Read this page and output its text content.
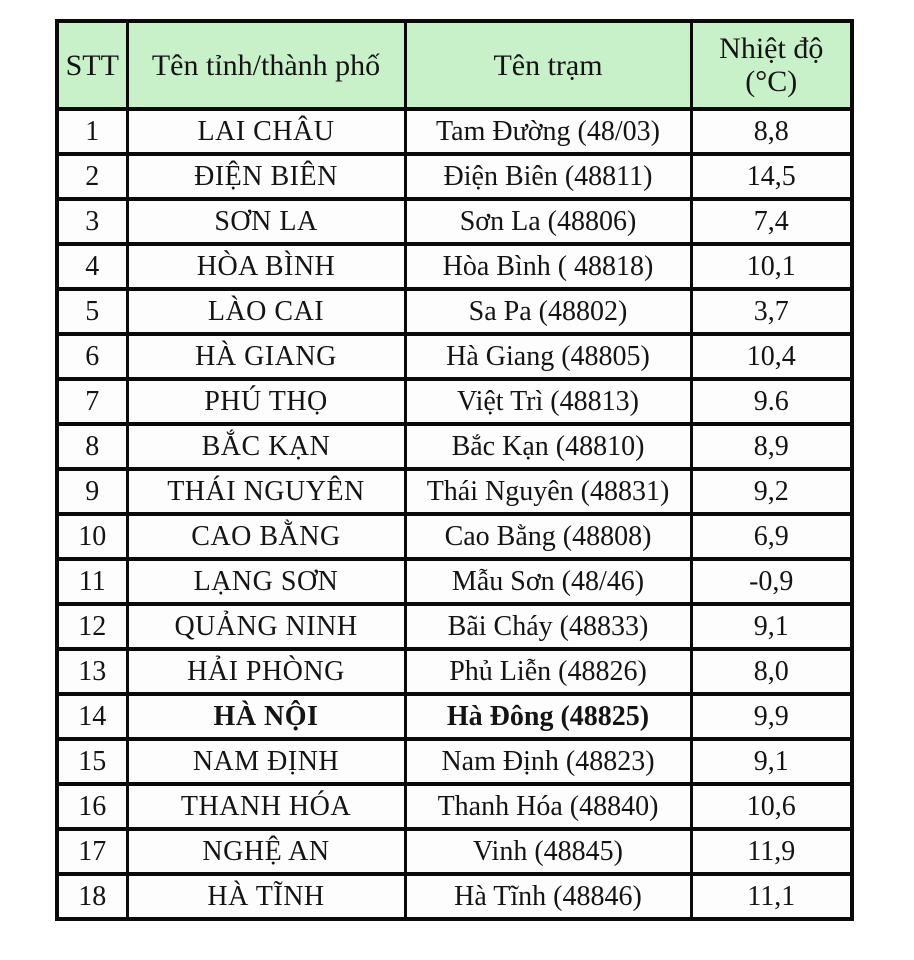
STT	Tên tỉnh/thành phố	Tên trạm	Nhiệt độ
(°C)

1	LAI CHÂU	Tam Đường (48/03)	8,8
2	ĐIỆN BIÊN	Điện Biên (48811)	14,5
3	SƠN LA	Sơn La (48806)	7,4
4	HÒA BÌNH	Hòa Bình ( 48818)	10,1
5	LÀO CAI	Sa Pa (48802)	3,7
6	HÀ GIANG	Hà Giang (48805)	10,4
7	PHÚ THỌ	Việt Trì (48813)	9.6
8	BẮC KẠN	Bắc Kạn (48810)	8,9
9	THÁI NGUYÊN	Thái Nguyên (48831)	9,2
10	CAO BẰNG	Cao Bằng (48808)	6,9
11	LẠNG SƠN	Mẫu Sơn (48/46)	-0,9
12	QUẢNG NINH	Bãi Cháy (48833)	9,1
13	HẢI PHÒNG	Phủ Liễn (48826)	8,0
14	HÀ NỘI	Hà Đông (48825)	9,9
15	NAM ĐỊNH	Nam Định (48823)	9,1
16	THANH HÓA	Thanh Hóa (48840)	10,6
17	NGHỆ AN	Vinh (48845)	11,9
18	HÀ TĨNH	Hà Tĩnh (48846)	11,1
